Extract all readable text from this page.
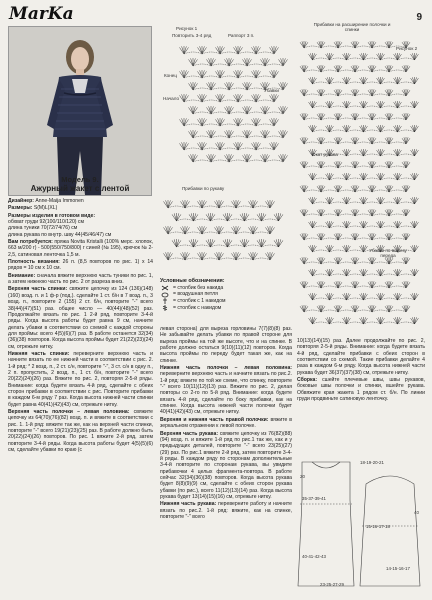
MarKa	9
Модель 9.
Ажурный жакет с лентой

Дизайнер: Anne-Maija Immonen

Размеры: S(M)L(XL)

Размеры изделия в готовом виде:
обхват груди 92(100/110/120) см
длина туники 70(72/74/76) см
длина рукава по внутр. шву 44(45/46/47) см

Вам потребуется: пряжа Novita Kristalli (100% мерс. хлопок, 663 м/200 г) - 500(550/750/800) г синей (№ 195), крючок № 2-2,5, сатиновая ленточка 1,5 м.

Плотность вязания: 26 п. (8,5 повторов по рис. 1) х 14 рядов = 10 см х 10 см.

Внимание: сначала вяжите верхнюю часть туники по рис. 1, а затем нижнюю часть по рис. 2 от разреза вниз.

Верхняя часть спинки: свяжите цепочку из 124 (136)(148)(160) возд. п. и 1 ф-р (под.). сделайте 1 ст. б/н в 7 возд. п., 3 возд. п., повторите 2 (155) 2 ст. б/н, повторите "-" всего 38(44)(47)(51) раз. общее число — 40(44)(48)(52) раз. Продолжайте вязать по рис. 1 2-й ряд, повторите 3-4-й ряды. Когда высота работы будет равна 9 см, начните делать убавки в соответствии со схемой с каждой стороны для проймы: всего 4(5)(6)(7) раз. В работе останется 32(34)(36)(38) повторов. Когда высота проймы будет 21(22)(23)(24) см, отрежьте нитку.

Нижняя часть спинки: переверните верхнюю часть и начните вязать по ее нижней части в соответствии с рис. 2. 1-й ряд: * 2 возд. п., 2 ст. с/н, повторите "-", 3 ст. с/н в одну п., 2 п. пропустить, 2 возд. п., 1 ст. б/н, повторите "-" всего 20(22)(24)(26) раз. Вяжите по рис. 2, повторяя 2-5-й ряды. Внимание: когда будете вязать 4-й ряд, сделайте с обеих сторон прибавки в соответствии с рис. Повторите прибавки в каждом 6-м ряду 7 раз. Когда высота нижней части спинки будет равна 40(41)(42)(43) см, отрежьте нитку.

Верхняя часть полочки – левая половина: свяжите цепочку из 64(70)(76)(82) возд. п. и вяжите в соответствии с рис. 1. 1-й ряд: вяжите так же, как на верхней части спинки, повторите "-" всего 19(21)(23)(25) раз. В работе должно быть 20(22)(24)(26) повторов. По рис. 1 вяжите 2-й ряд, затем повторите 3-4-й ряды. Когда высота работы будет 4(5)(5)(6) см, сделайте убавки по краю (с

Рисунок 1
Повторить 3-4 ряд	Раппорт 3 п.
Конец
Начало
Убавки
Прибавки по рукаву
Прибавки на расширение полочки и спинки
Рисунок 2
Окат рукава
Убавки по вырезу переда
Условные обозначения:
= столбик без накида
= воздушная петля
= столбик с 1 накидом
= столбик с накидом

левая сторона) для выреза горловины 7(7)(8)(8) раз. Не забывайте делать убавки по правой стороне для выреза проймы на той же высоте, что и на спинке. В работе должно остаться 9(10)(11)(12) повторов. Когда высота проймы по переду будет такая же, как на спинке.

Нижняя часть полочки – левая половина: переверните верхнюю часть и начните вязать по рис.2. 1-й ряд: вяжите по той же схеме, что спинку, повторите "-" всего 10(11)(12)(13) раз. Вяжите по рис. 2, делая повторы со 2-го по 5-й ряд. Внимание: когда будете вязать 4-й ряд, сделайте по боку прибавки, как на спинке. Когда высота нижней части полочки будет 40(41)(42)(43) см, отрежьте нитку.

Верхняя и нижняя часть правой полочки: вяжите в зеркальном отражении к левой полочке.

Верхняя часть рукава: свяжите цепочку из 76(82)(88)(94) возд. п. и вяжите 1-й ряд по рис.1 так же, как и у предыдущих деталей, повторите "-" всего 23(25)(27)(29) раз. По рис.1 вяжите 2-й ряд, затем повторите 3-4-й ряды. В каждом ряду по сторонам дополнительные 3-4-й повторите по сторонам рукава, вы увидите прибавочки 4 целых фрагмента-повтора. В работе сейчас 32(34)(36)(38) повторов. Когда высота рукава будет 8(8)(9)(9) см, сделайте с обеих сторон рукава убавки (по рис.), всего 11(12)(13)(14) раз. Когда высота рукава будет 13(14)(15)(16) см, отрежьте нитку.

Нижняя часть рукава: переверните работу и начните вязать по рис.2. 1-й ряд: вяжите, как на спинке, повторите "-" всего

10(13)(14)(15) раз. Далее продолжайте по рис. 2, повторяя 2-5-й ряды. Внимание: когда будете вязать 4-й ряд, сделайте прибавки с обеих сторон в соответствии со схемой. Такие прибавки делайте 4 раза в каждом 6-м ряду. Когда высота нижней части рукава будет 36(37)(37)(38) см, отрежьте нитку.

Сборка: сшейте плечевые швы, швы рукавов, боковые швы полочки и спинки, вшейте рукава. Обвяжите края жакета 1 рядом ст. б/н. По линии груди продвиньте сатиновую ленточку.

18-19-20-21
35-37-39-41
40-41-42-43
23-25-27-29
14-15-16-17
15-16-17-18
20
40
